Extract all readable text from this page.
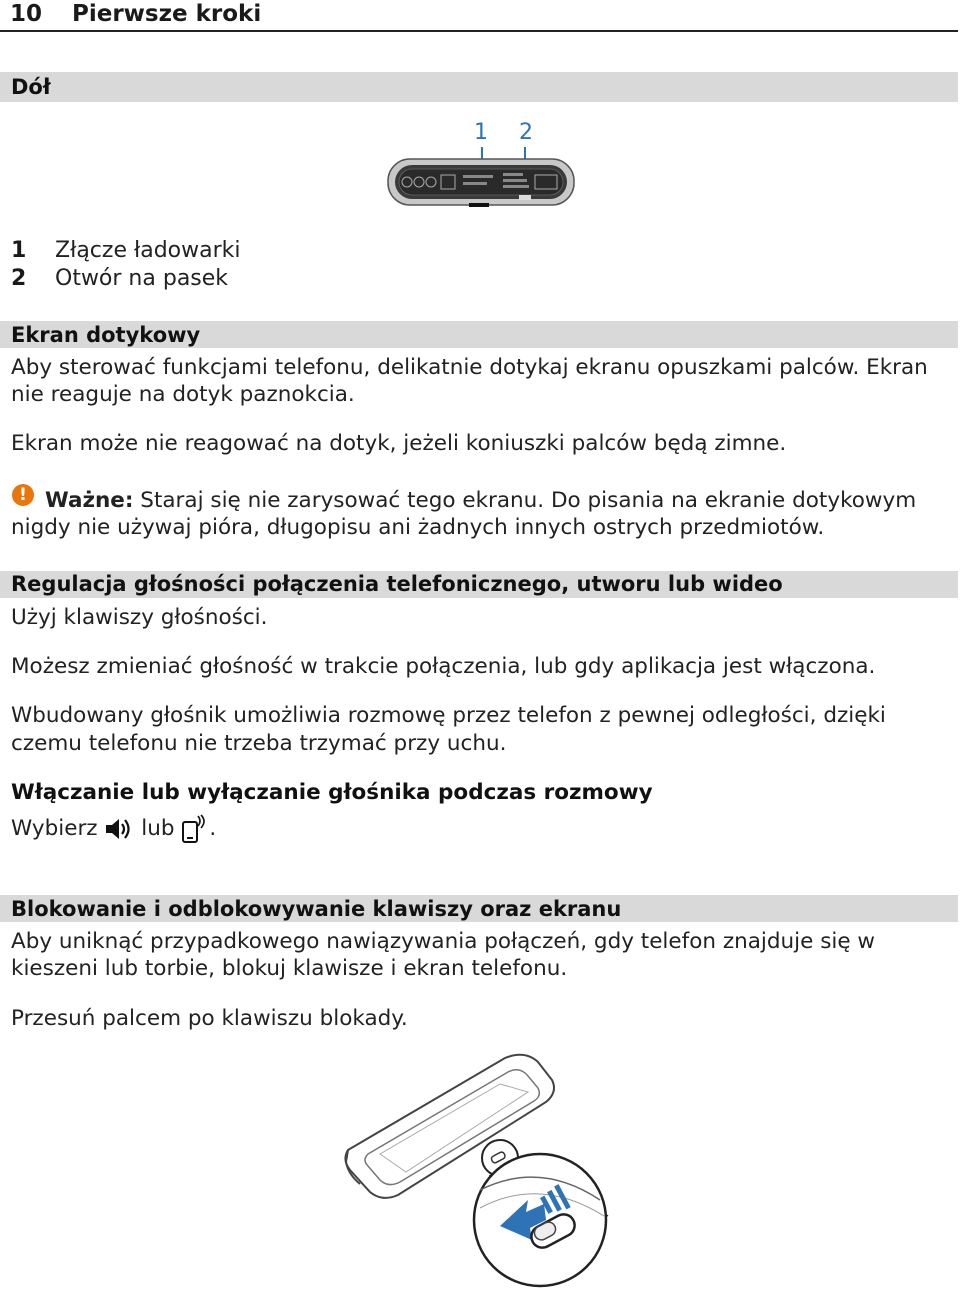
10 Pierwsze kroki
Dół
1 2
1 Złącze ładowarki
2 Otwór na pasek
Ekran dotykowy
Aby sterować funkcjami telefonu, delikatnie dotykaj ekranu opuszkami palców. Ekran
nie reaguje na dotyk paznokcia.
Ekran może nie reagować na dotyk, jeżeli koniuszki palców będą zimne.
! Ważne: Staraj się nie zarysować tego ekranu. Do pisania na ekranie dotykowym
nigdy nie używaj pióra, długopisu ani żadnych innych ostrych przedmiotów.
Regulacja głośności połączenia telefonicznego, utworu lub wideo
Użyj klawiszy głośności.
Możesz zmieniać głośność w trakcie połączenia, lub gdy aplikacja jest włączona.
Wbudowany głośnik umożliwia rozmowę przez telefon z pewnej odległości, dzięki
czemu telefonu nie trzeba trzymać przy uchu.
Włączanie lub wyłączanie głośnika podczas rozmowy
Wybierz lub .
Blokowanie i odblokowywanie klawiszy oraz ekranu
Aby uniknąć przypadkowego nawiązywania połączeń, gdy telefon znajduje się w
kieszeni lub torbie, blokuj klawisze i ekran telefonu.
Przesuń palcem po klawiszu blokady.
